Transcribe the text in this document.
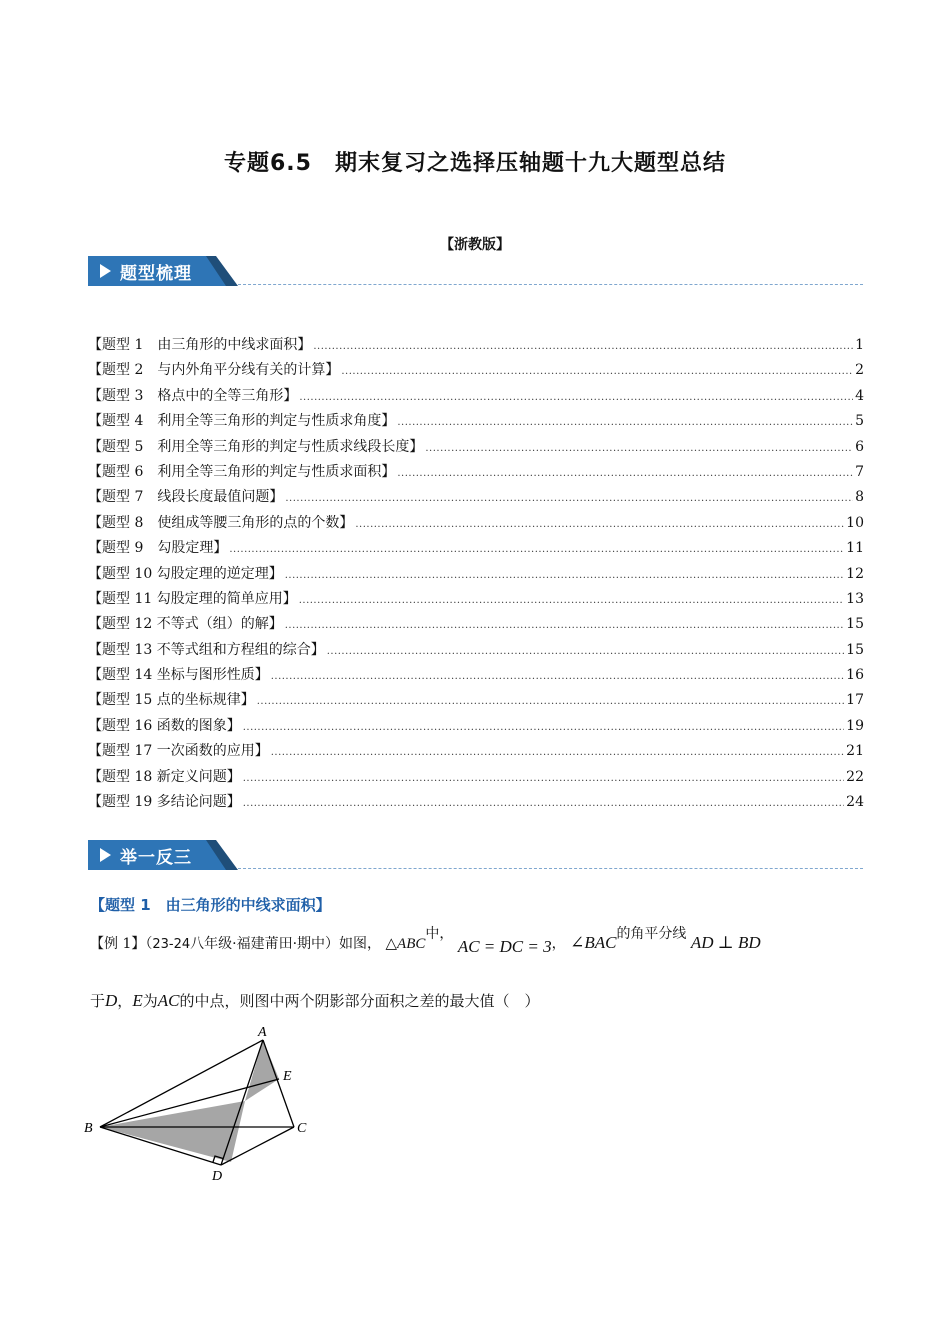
专题6.5　期末复习之选择压轴题十九大题型总结
【浙教版】
题型梳理
【题型 1　由三角形的中线求面积】 .....	1
【题型 2　与内外角平分线有关的计算】 .....	2
【题型 3　格点中的全等三角形】 .....	4
【题型 4　利用全等三角形的判定与性质求角度】 .....	5
【题型 5　利用全等三角形的判定与性质求线段长度】 .....	6
【题型 6　利用全等三角形的判定与性质求面积】 .....	7
【题型 7　线段长度最值问题】 .....	8
【题型 8　使组成等腰三角形的点的个数】 .....	10
【题型 9　勾股定理】 .....	11
【题型 10 勾股定理的逆定理】 .....	12
【题型 11 勾股定理的简单应用】 .....	13
【题型 12 不等式（组）的解】 .....	15
【题型 13 不等式组和方程组的综合】 .....	15
【题型 14 坐标与图形性质】 .....	16
【题型 15 点的坐标规律】 .....	17
【题型 16 函数的图象】 .....	19
【题型 17 一次函数的应用】 .....	21
【题型 18 新定义问题】 .....	22
【题型 19 多结论问题】 .....	24
举一反三
【题型 1　由三角形的中线求面积】
【例 1】（23-24八年级·福建莆田·期中）如图， △ABC中， AC = DC = 3， ∠BAC的角平分线 AD ⊥ BD
于D，E为AC的中点，则图中两个阴影部分面积之差的最大值（　）
A
B	C
D
E
